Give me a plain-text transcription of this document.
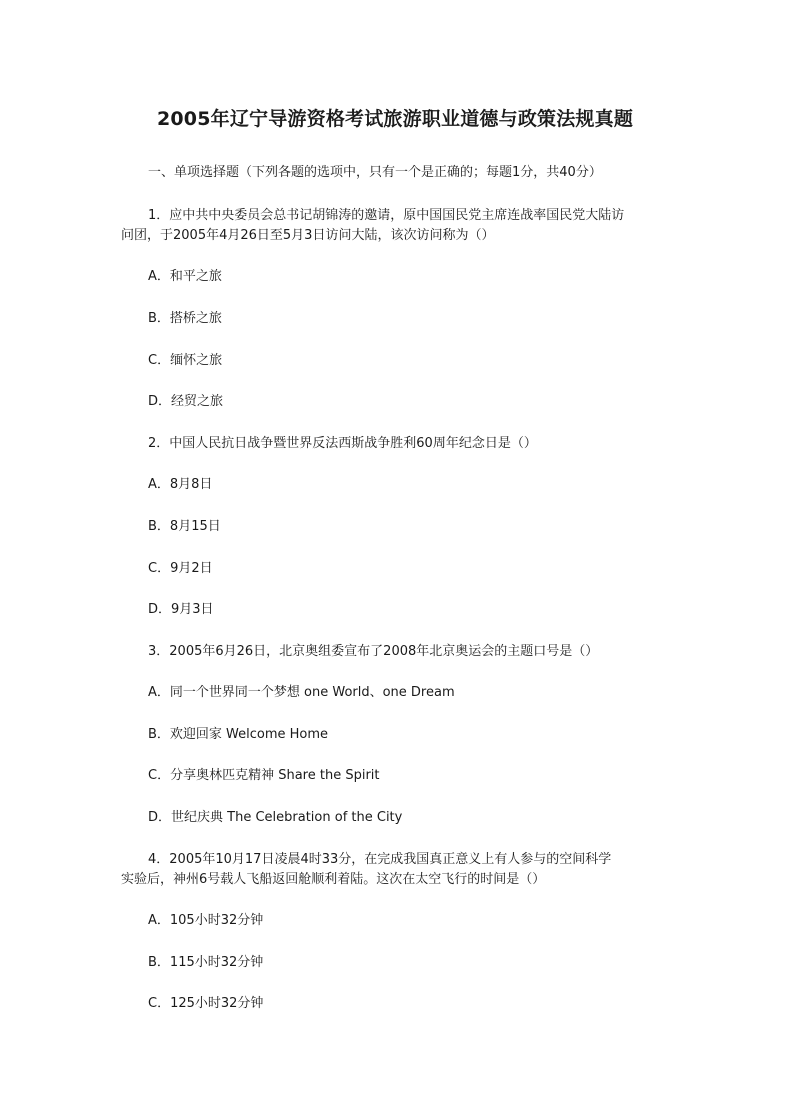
2005年辽宁导游资格考试旅游职业道德与政策法规真题
一、单项选择题（下列各题的选项中，只有一个是正确的；每题1分，共40分）
1．应中共中央委员会总书记胡锦涛的邀请，原中国国民党主席连战率国民党大陆访
问团，于2005年4月26日至5月3日访问大陆，该次访问称为（）
A．和平之旅
B．搭桥之旅
C．缅怀之旅
D．经贸之旅
2．中国人民抗日战争暨世界反法西斯战争胜利60周年纪念日是（）
A．8月8日
B．8月15日
C．9月2日
D．9月3日
3．2005年6月26日，北京奥组委宣布了2008年北京奥运会的主题口号是（）
A．同一个世界同一个梦想 one World、one Dream
B．欢迎回家 Welcome Home
C．分享奥林匹克精神 Share the Spirit
D．世纪庆典 The Celebration of the City
4．2005年10月17日凌晨4时33分，在完成我国真正意义上有人参与的空间科学
实验后，神州6号载人飞船返回舱顺利着陆。这次在太空飞行的时间是（）
A．105小时32分钟
B．115小时32分钟
C．125小时32分钟
